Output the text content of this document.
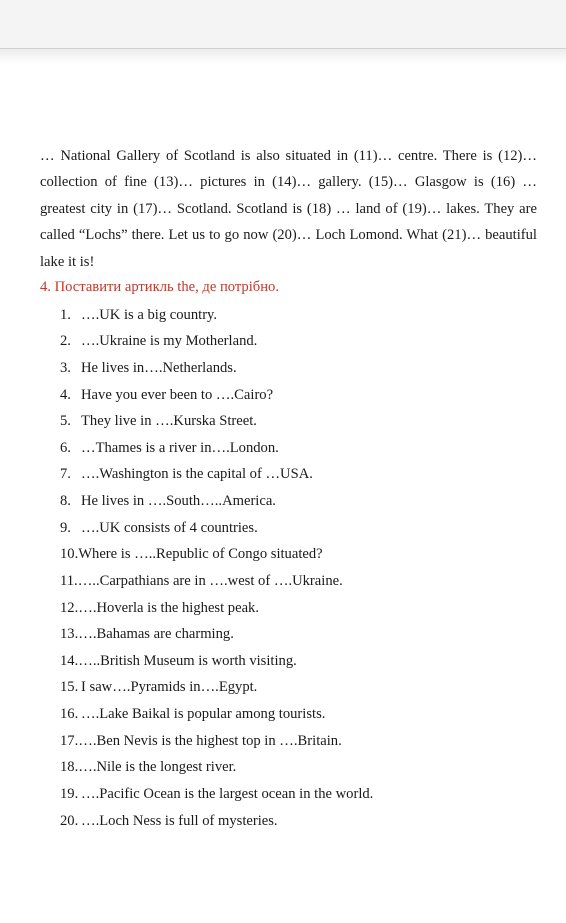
… National Gallery of Scotland is also situated in (11)… centre. There is (12)… collection of fine (13)… pictures in (14)… gallery. (15)… Glasgow is (16) … greatest city in (17)… Scotland. Scotland is (18) … land of (19)… lakes. They are called “Lochs” there. Let us to go now (20)… Loch Lomond. What (21)… beautiful lake it is!

4. Поставити артикль the, де потрібно.

1. ….UK is a big country.

2. ….Ukraine is my Motherland.

3. He lives in….Netherlands.

4. Have you ever been to ….Cairo?

5. They live in ….Kurska Street.

6. …Thames is a river in….London.

7. ….Washington is the capital of …USA.

8. He lives in ….South…..America.

9. ….UK consists of 4 countries.

10.Where is …..Republic of Congo situated?

11.…..Carpathians are in ….west of ….Ukraine.

12.….Hoverla is the highest peak.

13.….Bahamas are charming.

14.…..British Museum is worth visiting.

15. I saw….Pyramids in….Egypt.

16. ….Lake Baikal is popular among tourists.

17.….Ben Nevis is the highest top in ….Britain.

18.….Nile is the longest river.

19. ….Pacific Ocean is the largest ocean in the world.

20. ….Loch Ness is full of mysteries.
